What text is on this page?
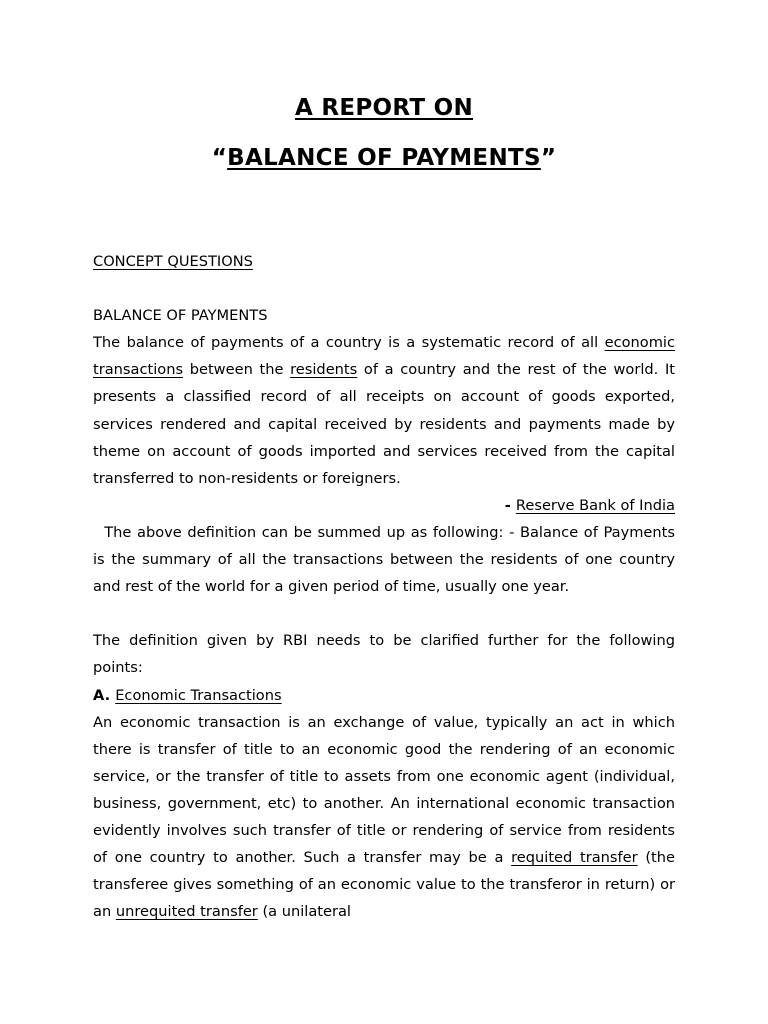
A REPORT ON
“BALANCE OF PAYMENTS”
CONCEPT QUESTIONS
BALANCE OF PAYMENTS

The balance of payments of a country is a systematic record of all economic transactions between the residents of a country and the rest of the world. It presents a classified record of all receipts on account of goods exported, services rendered and capital received by residents and payments made by theme on account of goods imported and services received from the capital transferred to non-residents or foreigners.

- Reserve Bank of India

The above definition can be summed up as following: - Balance of Payments is the summary of all the transactions between the residents of one country and rest of the world for a given period of time, usually one year.

The definition given by RBI needs to be clarified further for the following points:

A. Economic Transactions

An economic transaction is an exchange of value, typically an act in which there is transfer of title to an economic good the rendering of an economic service, or the transfer of title to assets from one economic agent (individual, business, government, etc) to another. An international economic transaction evidently involves such transfer of title or rendering of service from residents of one country to another. Such a transfer may be a requited transfer (the transferee gives something of an economic value to the transferor in return) or an unrequited transfer (a unilateral
